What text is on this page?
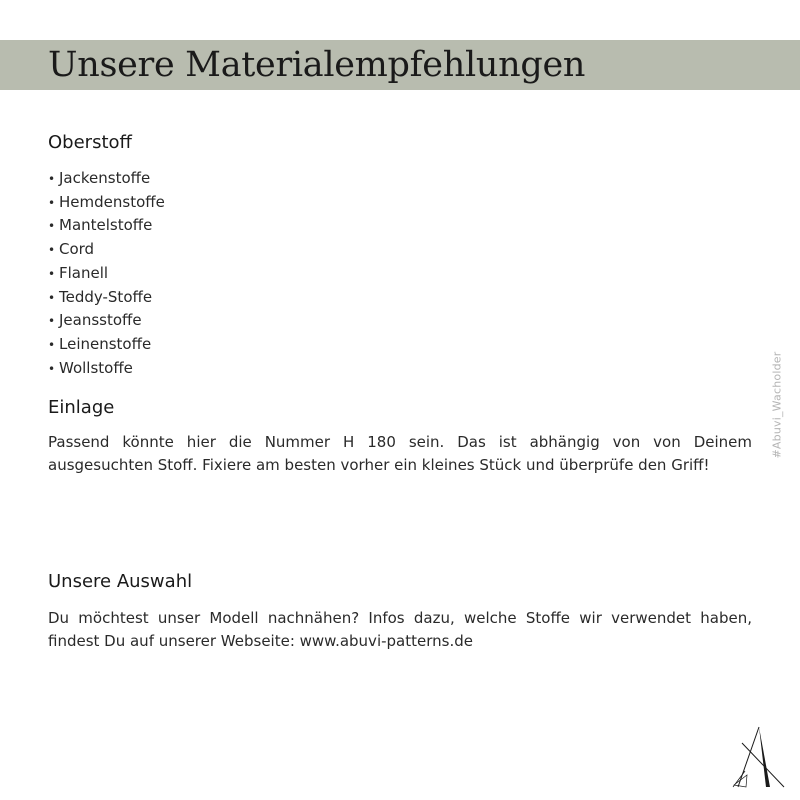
Unsere Materialempfehlungen
Oberstoff
• Jackenstoffe
• Hemdenstoffe
• Mantelstoffe
• Cord
• Flanell
• Teddy-Stoffe
• Jeansstoffe
• Leinenstoffe
• Wollstoffe
Einlage

Passend könnte hier die Nummer H 180 sein. Das ist abhängig von von Deinem ausgesuchten Stoff. Fixiere am besten vorher ein kleines Stück und überprüfe den Griff!

Unsere Auswahl

Du möchtest unser Modell nachnähen? Infos dazu, welche Stoffe wir verwendet haben, findest Du auf unserer Webseite: www.abuvi-patterns.de

#Abuvi_Wacholder
